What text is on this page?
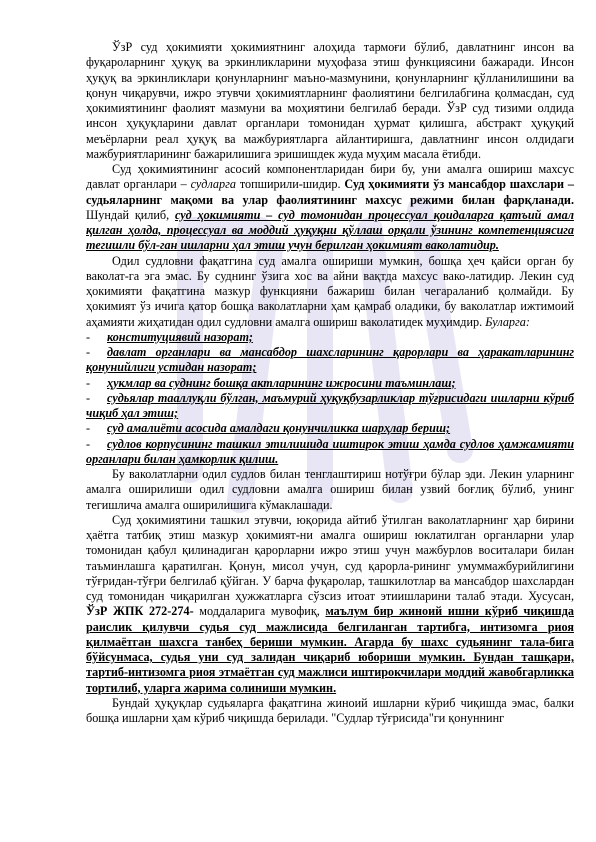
ЎзР суд ҳокимияти ҳокимиятнинг алоҳида тармоғи бўлиб, давлатнинг инсон ва фуқароларнинг ҳуқуқ ва эркинликларини муҳофаза этиш функциясини бажаради. Инсон ҳуқуқ ва эркинликлари қонунларнинг маъно-мазмунини, қонунларнинг қўлланилишини ва қонун чиқарувчи, ижро этувчи ҳокимиятларнинг фаолиятини белгилабгина қолмасдан, суд ҳокимиятининг фаолият мазмуни ва моҳиятини белгилаб беради. ЎзР суд тизими олдида инсон ҳуқуқларини давлат органлари томонидан ҳурмат қилишга, абстракт ҳуқуқий меъёрларни реал ҳуқуқ ва мажбуриятларга айлантиришга, давлатнинг инсон олдидаги мажбуриятларининг бажарилишига эришишдек жуда муҳим масала ётибди.

Суд ҳокимиятининг асосий компонентларидан бири бу, уни амалга ошириш махсус давлат органлари – судларга топширили-шидир. Суд ҳокимияти ўз мансабдор шахслари – судьяларнинг мақоми ва улар фаолиятининг махсус режими билан фарқланади. Шундай қилиб, суд ҳокимияти – суд томонидан процессуал қоидаларга қатъий амал қилган ҳолда, процессуал ва моддий ҳуқуқни қўллаш орқали ўзининг компетенциясига тегишли бўл-ган ишларни ҳал этиш учун берилган ҳокимият ваколатидир.

Одил судловни фақатгина суд амалга ошириши мумкин, бошқа ҳеч қайси орган бу ваколат-га эга эмас. Бу суднинг ўзига хос ва айни вақтда махсус вако-латидир. Лекин суд ҳокимияти фақатгина мазкур функцияни бажариш билан чегараланиб қолмайди. Бу ҳокимият ўз ичига қатор бошқа ваколатларни ҳам қамраб оладики, бу ваколатлар ижтимоий аҳамияти жиҳатидан одил судловни амалга ошириш ваколатидек муҳимдир. Буларга:

- конституциявий назорат;

- давлат органлари ва мансабдор шахсларининг қарорлари ва ҳаракатларининг қонунийлиги устидан назорат;

- ҳукмлар ва суднинг бошқа актларининг ижросини таъминлаш;

- судьялар тааллуқли бўлган, маъмурий ҳуқуқбузарликлар тўғрисидаги ишларни кўриб чиқиб ҳал этиш;

- суд амалиёти асосида амалдаги қонунчиликка шарҳлар бериш;

- судлов корпусининг ташкил этилишида иштирок этиш ҳамда судлов ҳамжамияти органлари билан ҳамкорлик қилиш.

Бу ваколатларни одил судлов билан тенглаштириш нотўғри бўлар эди. Лекин уларнинг амалга оширилиши одил судловни амалга ошириш билан узвий боғлиқ бўлиб, унинг тегишлича амалга оширилишига кўмаклашади.

Суд ҳокимиятини ташкил этувчи, юқорида айтиб ўтилган ваколатларнинг ҳар бирини ҳаётга татбиқ этиш мазкур ҳокимият-ни амалга ошириш юклатилган органларни улар томонидан қабул қилинадиган қарорларни ижро этиш учун мажбурлов воситалари билан таъминлашга қаратилган. Қонун, мисол учун, суд қарорла-рининг умуммажбурийлигини тўғридан-тўғри белгилаб қўйган. У барча фуқаролар, ташкилотлар ва мансабдор шахслардан суд томонидан чиқарилган ҳужжатларга сўзсиз итоат этиишларини талаб этади. Хусусан, ЎзР ЖПК 272-274- моддаларига мувофиқ, маълум бир жиноий ишни кўриб чиқишда раислик қилувчи судья суд мажлисида белгиланган тартибга, интизомга риоя қилмаётган шахсга танбеҳ бериши мумкин. Агарда бу шахс судьянинг тала-бига бўйсунмаса, судья уни суд залидан чиқариб юбориши мумкин. Бундан ташқари, тартиб-интизомга риоя этмаётган суд мажлиси иштирокчилари моддий жавобгарликка тортилиб, уларга жарима солиниши мумкин.

Бундай ҳуқуқлар судьяларга фақатгина жиноий ишларни кўриб чиқишда эмас, балки бошқа ишларни ҳам кўриб чиқишда берилади. "Судлар тўғрисида"ги қонуннинг
